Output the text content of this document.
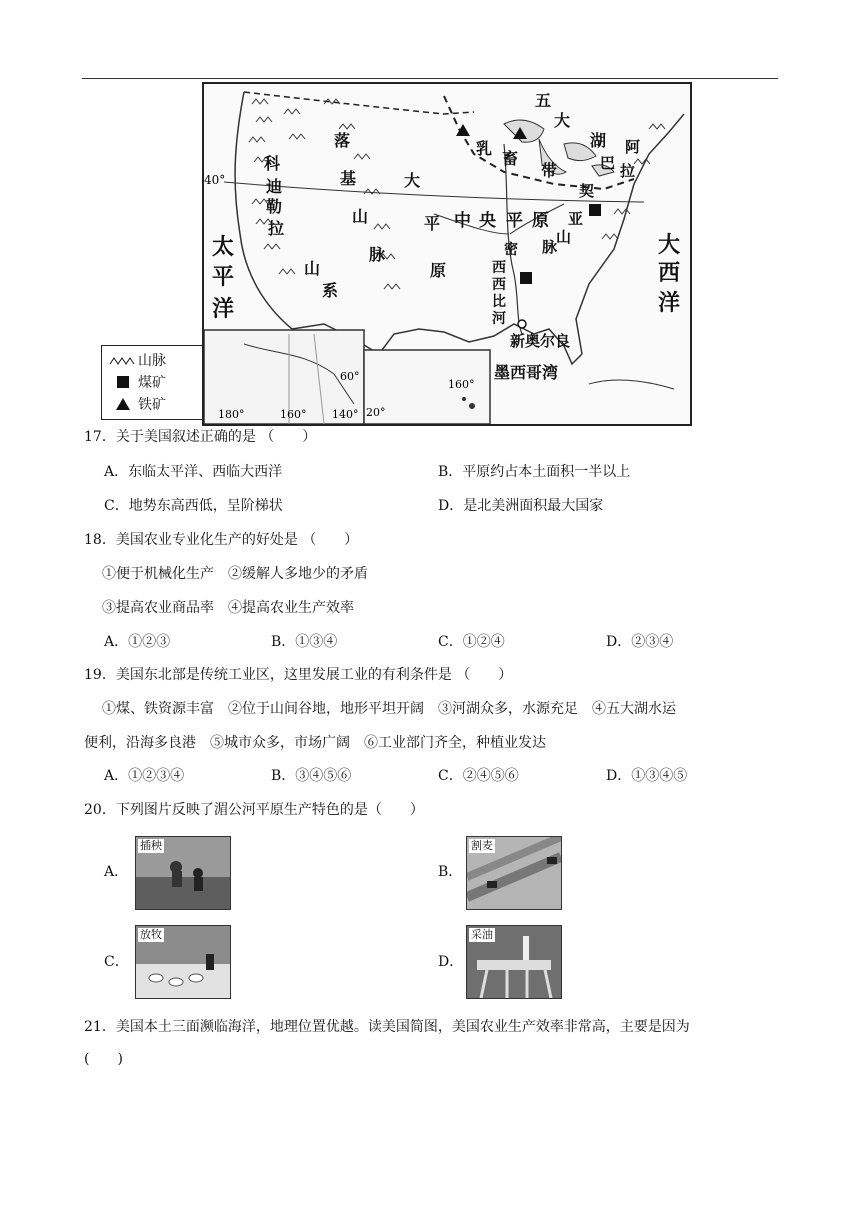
五
大
湖 阿
巴 拉
契
乳
畜
带
落
基
山
脉
科
迪
勒
拉
山
系
大
平 中 央 平 原 亚
山
脉
原
密
西
西
比
河
太
平
洋
大
西
洋
新奥尔良
墨西哥湾
40°
180°	160° 140°
60°
160°
20°
山脉
煤矿
铁矿
17．关于美国叙述正确的是 （　　）
A．东临太平洋、西临大西洋	B．平原约占本土面积一半以上
C．地势东高西低，呈阶梯状	D．是北美洲面积最大国家
18．美国农业专业化生产的好处是 （　　）
①便于机械化生产　②缓解人多地少的矛盾
③提高农业商品率　④提高农业生产效率
A．①②③	B．①③④	C．①②④	D．②③④
19．美国东北部是传统工业区，这里发展工业的有利条件是 （　　）
①煤、铁资源丰富　②位于山间谷地，地形平坦开阔　③河湖众多，水源充足　④五大湖水运
便利，沿海多良港　⑤城市众多，市场广阔　⑥工业部门齐全，种植业发达
A．①②③④	B．③④⑤⑥	C．②④⑤⑥	D．①③④⑤
20．下列图片反映了湄公河平原生产特色的是（　　）
A．
插秧
B．
割麦
C．
放牧
D．
采油
21．美国本土三面濒临海洋，地理位置优越。读美国简图，美国农业生产效率非常高，主要是因为
(　　)
